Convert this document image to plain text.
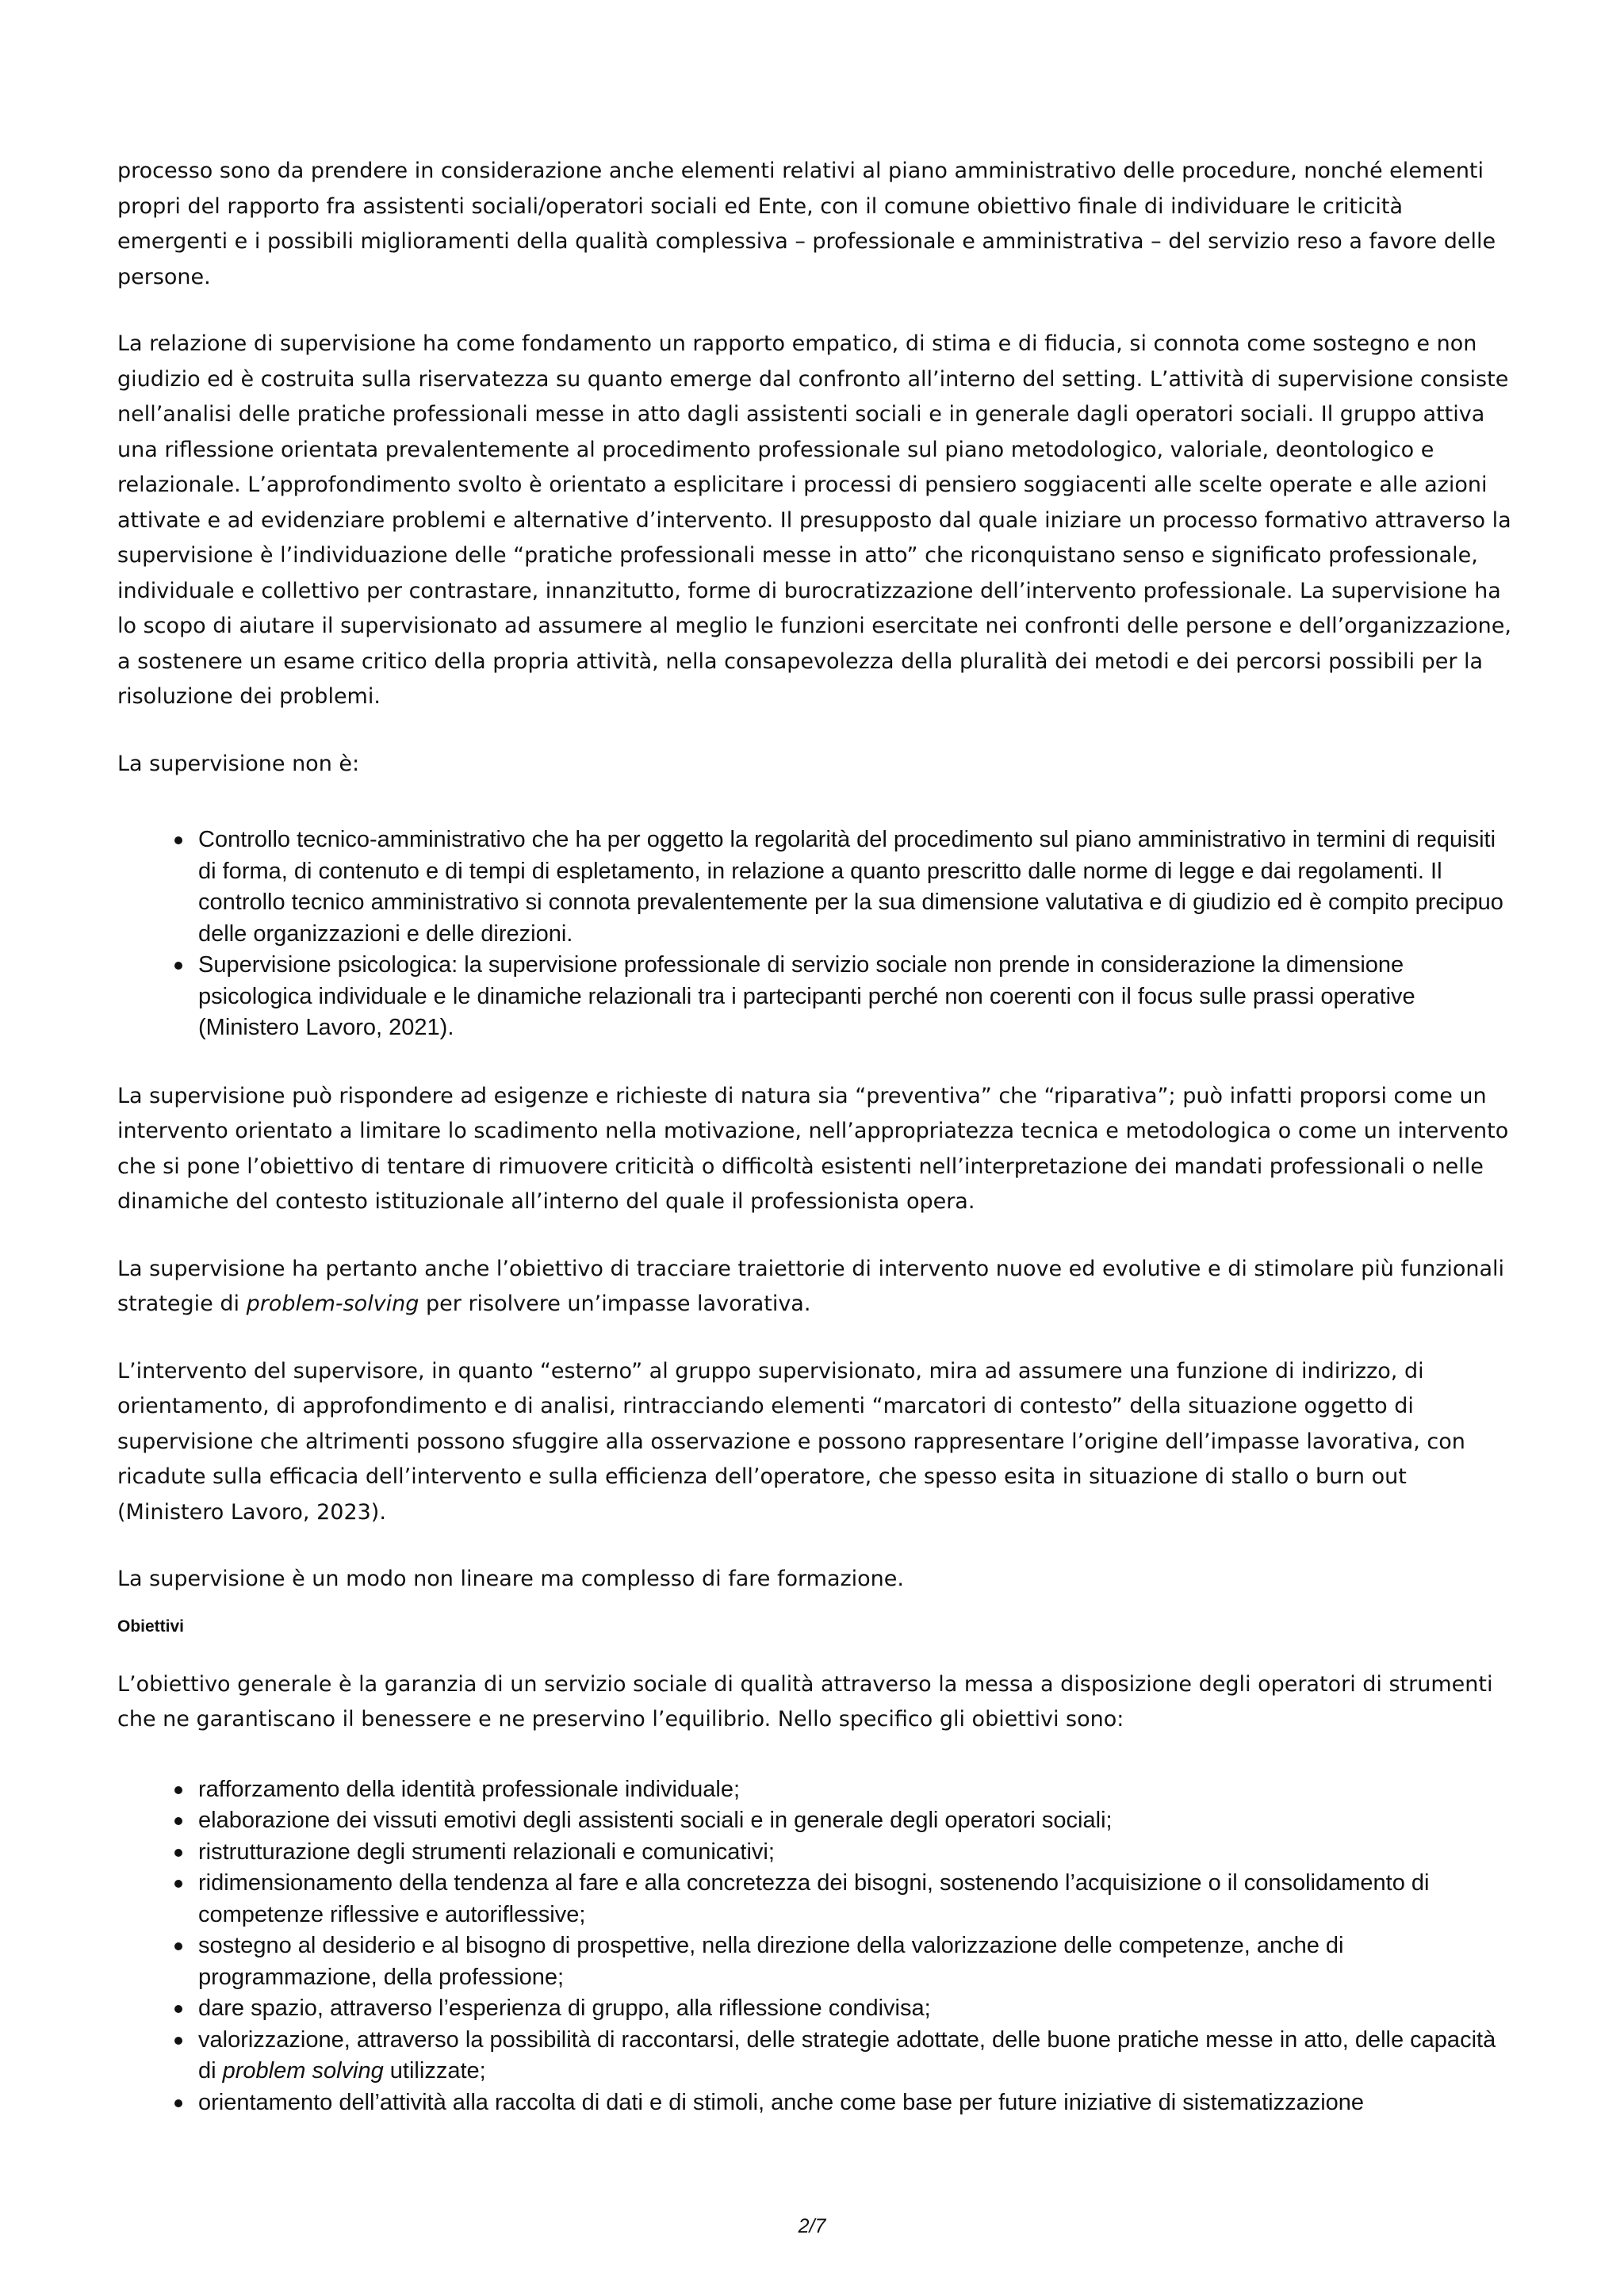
processo sono da prendere in considerazione anche elementi relativi al piano amministrativo delle procedure, nonché elementi propri del rapporto fra assistenti sociali/operatori sociali ed Ente, con il comune obiettivo finale di individuare le criticità emergenti e i possibili miglioramenti della qualità complessiva – professionale e amministrativa – del servizio reso a favore delle persone.

La relazione di supervisione ha come fondamento un rapporto empatico, di stima e di fiducia, si connota come sostegno e non giudizio ed è costruita sulla riservatezza su quanto emerge dal confronto all’interno del setting. L’attività di supervisione consiste nell’analisi delle pratiche professionali messe in atto dagli assistenti sociali e in generale dagli operatori sociali. Il gruppo attiva una riflessione orientata prevalentemente al procedimento professionale sul piano metodologico, valoriale, deontologico e relazionale. L’approfondimento svolto è orientato a esplicitare i processi di pensiero soggiacenti alle scelte operate e alle azioni attivate e ad evidenziare problemi e alternative d’intervento. Il presupposto dal quale iniziare un processo formativo attraverso la supervisione è l’individuazione delle “pratiche professionali messe in atto” che riconquistano senso e significato professionale, individuale e collettivo per contrastare, innanzitutto, forme di burocratizzazione dell’intervento professionale. La supervisione ha lo scopo di aiutare il supervisionato ad assumere al meglio le funzioni esercitate nei confronti delle persone e dell’organizzazione, a sostenere un esame critico della propria attività, nella consapevolezza della pluralità dei metodi e dei percorsi possibili per la risoluzione dei problemi.

La supervisione non è:

Controllo tecnico-amministrativo che ha per oggetto la regolarità del procedimento sul piano amministrativo in termini di requisiti di forma, di contenuto e di tempi di espletamento, in relazione a quanto prescritto dalle norme di legge e dai regolamenti. Il controllo tecnico amministrativo si connota prevalentemente per la sua dimensione valutativa e di giudizio ed è compito precipuo delle organizzazioni e delle direzioni.
Supervisione psicologica: la supervisione professionale di servizio sociale non prende in considerazione la dimensione psicologica individuale e le dinamiche relazionali tra i partecipanti perché non coerenti con il focus sulle prassi operative (Ministero Lavoro, 2021).

La supervisione può rispondere ad esigenze e richieste di natura sia “preventiva” che “riparativa”; può infatti proporsi come un intervento orientato a limitare lo scadimento nella motivazione, nell’appropriatezza tecnica e metodologica o come un intervento che si pone l’obiettivo di tentare di rimuovere criticità o difficoltà esistenti nell’interpretazione dei mandati professionali o nelle dinamiche del contesto istituzionale all’interno del quale il professionista opera.

La supervisione ha pertanto anche l’obiettivo di tracciare traiettorie di intervento nuove ed evolutive e di stimolare più funzionali strategie di problem-solving per risolvere un’impasse lavorativa.

L’intervento del supervisore, in quanto “esterno” al gruppo supervisionato, mira ad assumere una funzione di indirizzo, di orientamento, di approfondimento e di analisi, rintracciando elementi “marcatori di contesto” della situazione oggetto di supervisione che altrimenti possono sfuggire alla osservazione e possono rappresentare l’origine dell’impasse lavorativa, con ricadute sulla efficacia dell’intervento e sulla efficienza dell’operatore, che spesso esita in situazione di stallo o burn out (Ministero Lavoro, 2023).

La supervisione è un modo non lineare ma complesso di fare formazione.

Obiettivi

L’obiettivo generale è la garanzia di un servizio sociale di qualità attraverso la messa a disposizione degli operatori di strumenti che ne garantiscano il benessere e ne preservino l’equilibrio. Nello specifico gli obiettivi sono:

rafforzamento della identità professionale individuale;
elaborazione dei vissuti emotivi degli assistenti sociali e in generale degli operatori sociali;
ristrutturazione degli strumenti relazionali e comunicativi;
ridimensionamento della tendenza al fare e alla concretezza dei bisogni, sostenendo l’acquisizione o il consolidamento di competenze riflessive e autoriflessive;
sostegno al desiderio e al bisogno di prospettive, nella direzione della valorizzazione delle competenze, anche di programmazione, della professione;
dare spazio, attraverso l’esperienza di gruppo, alla riflessione condivisa;
valorizzazione, attraverso la possibilità di raccontarsi, delle strategie adottate, delle buone pratiche messe in atto, delle capacità di problem solving utilizzate;
orientamento dell’attività alla raccolta di dati e di stimoli, anche come base per future iniziative di sistematizzazione
2/7
